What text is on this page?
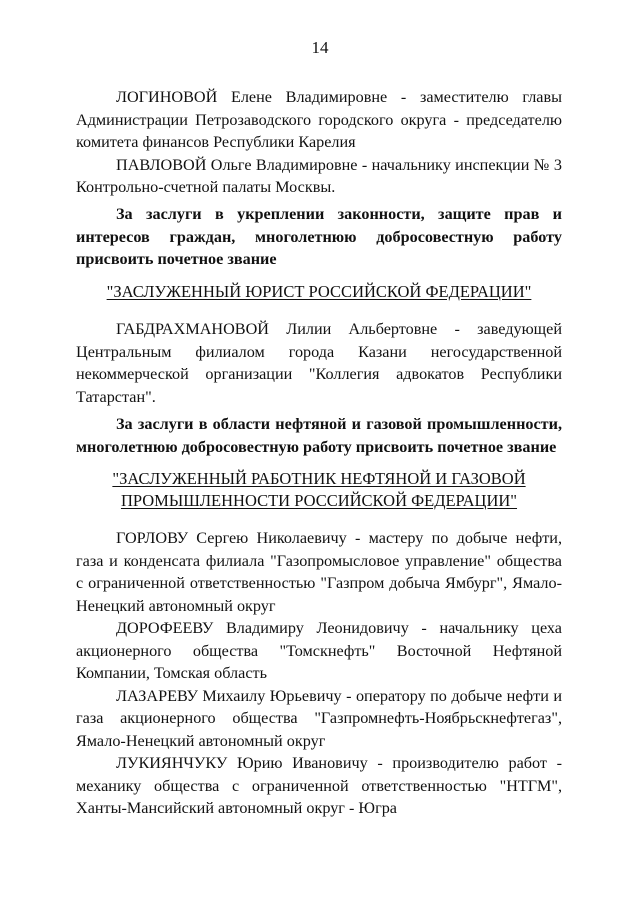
14

ЛОГИНОВОЙ Елене Владимировне - заместителю главы Администрации Петрозаводского городского округа - председателю комитета финансов Республики Карелия

ПАВЛОВОЙ Ольге Владимировне - начальнику инспекции № 3 Контрольно-счетной палаты Москвы.

За заслуги в укреплении законности, защите прав и интересов граждан, многолетнюю добросовестную работу присвоить почетное звание

"ЗАСЛУЖЕННЫЙ ЮРИСТ РОССИЙСКОЙ ФЕДЕРАЦИИ"

ГАБДРАХМАНОВОЙ Лилии Альбертовне - заведующей Центральным филиалом города Казани негосударственной некоммерческой организации "Коллегия адвокатов Республики Татарстан".

За заслуги в области нефтяной и газовой промышленности, многолетнюю добросовестную работу присвоить почетное звание

"ЗАСЛУЖЕННЫЙ РАБОТНИК НЕФТЯНОЙ И ГАЗОВОЙ
ПРОМЫШЛЕННОСТИ РОССИЙСКОЙ ФЕДЕРАЦИИ"

ГОРЛОВУ Сергею Николаевичу - мастеру по добыче нефти, газа и конденсата филиала "Газопромысловое управление" общества с ограниченной ответственностью "Газпром добыча Ямбург", Ямало-Ненецкий автономный округ

ДОРОФЕЕВУ Владимиру Леонидовичу - начальнику цеха акционерного общества "Томскнефть" Восточной Нефтяной Компании, Томская область

ЛАЗАРЕВУ Михаилу Юрьевичу - оператору по добыче нефти и газа акционерного общества "Газпромнефть-Ноябрьскнефтегаз", Ямало-Ненецкий автономный округ

ЛУКИЯНЧУКУ Юрию Ивановичу - производителю работ - механику общества с ограниченной ответственностью "НТГМ", Ханты-Мансийский автономный округ - Югра
